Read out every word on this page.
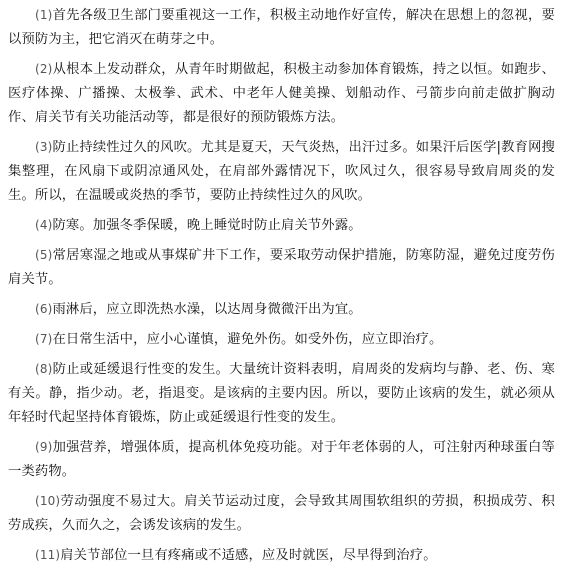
(1)首先各级卫生部门要重视这一工作，积极主动地作好宣传，解决在思想上的忽视，要以预防为主，把它消灭在萌芽之中。

(2)从根本上发动群众，从青年时期做起，积极主动参加体育锻炼，持之以恒。如跑步、医疗体操、广播操、太极拳、武术、中老年人健美操、划船动作、弓箭步向前走做扩胸动作、肩关节有关功能活动等，都是很好的预防锻炼方法。

(3)防止持续性过久的风吹。尤其是夏天，天气炎热，出汗过多。如果汗后医学|教育网搜集整理，在风扇下或阴凉通风处，在肩部外露情况下，吹风过久，很容易导致肩周炎的发生。所以，在温暖或炎热的季节，要防止持续性过久的风吹。

(4)防寒。加强冬季保暖，晚上睡觉时防止肩关节外露。

(5)常居寒湿之地或从事煤矿井下工作，要采取劳动保护措施，防寒防湿，避免过度劳伤肩关节。

(6)雨淋后，应立即洗热水澡，以达周身微微汗出为宜。

(7)在日常生活中，应小心谨慎，避免外伤。如受外伤，应立即治疗。

(8)防止或延缓退行性变的发生。大量统计资料表明，肩周炎的发病均与静、老、伤、寒有关。静，指少动。老，指退变。是该病的主要内因。所以，要防止该病的发生，就必须从年轻时代起坚持体育锻炼，防止或延缓退行性变的发生。

(9)加强营养，增强体质，提高机体免疫功能。对于年老体弱的人，可注射丙种球蛋白等一类药物。

(10)劳动强度不易过大。肩关节运动过度，会导致其周围软组织的劳损，积损成劳、积劳成疾，久而久之，会诱发该病的发生。

(11)肩关节部位一旦有疼痛或不适感，应及时就医，尽早得到治疗。
